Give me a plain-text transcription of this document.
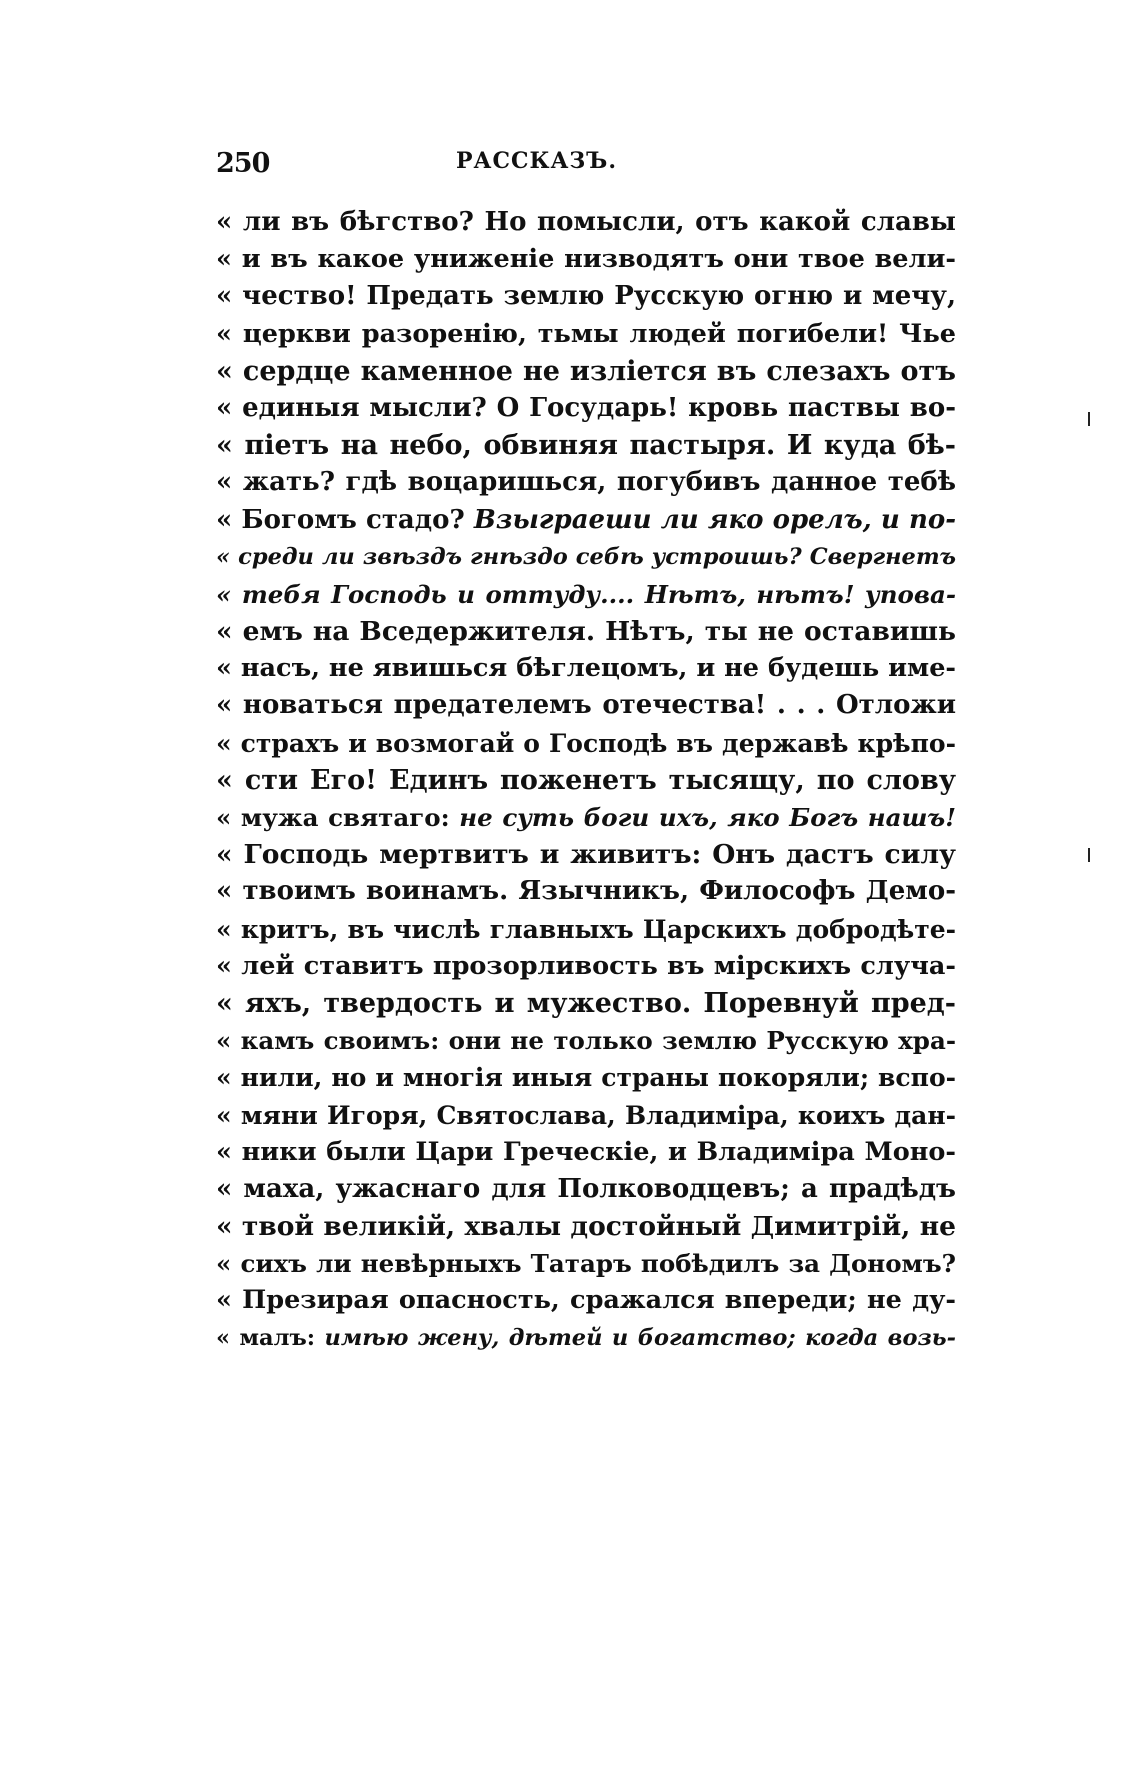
250	РАССКАЗЪ.
« ли въ бѣгство? Но помысли, отъ какой славы
« и въ какое униженіе низводятъ они твое вели-
« чество! Предать землю Русскую огню и мечу,
« церкви разоренію, тьмы людей погибели! Чье
« сердце каменное не изліется въ слезахъ отъ
« единыя мысли? О Государь! кровь паствы во-
« піетъ на небо, обвиняя пастыря. И куда бѣ-
« жать? гдѣ воцаришься, погубивъ данное тебѣ
« Богомъ стадо? Взыграеши ли яко орелъ, и по-
« среди ли звѣздъ гнѣздо себѣ устроишь? Свергнетъ
« тебя Господь и оттуду.... Нѣтъ, нѣтъ! упова-
« емъ на Вседержителя. Нѣтъ, ты не оставишь
« насъ, не явишься бѣглецомъ, и не будешь име-
« новаться предателемъ отечества! . . . Отложи
« страхъ и возмогай о Господѣ въ державѣ крѣпо-
« сти Его! Единъ поженетъ тысящу, по слову
« мужа святаго: не суть боги ихъ, яко Богъ нашъ!
« Господь мертвитъ и живитъ: Онъ дастъ силу
« твоимъ воинамъ. Язычникъ, Философъ Демо-
« критъ, въ числѣ главныхъ Царскихъ добродѣте-
« лей ставитъ прозорливость въ мірскихъ случа-
« яхъ, твердость и мужество. Поревнуй пред-
« камъ своимъ: они не только землю Русскую хра-
« нили, но и многія иныя страны покоряли; вспо-
« мяни Игоря, Святослава, Владиміра, коихъ дан-
« ники были Цари Греческіе, и Владиміра Моно-
« маха, ужаснаго для Полководцевъ; а прадѣдъ
« твой великій, хвалы достойный Димитрій, не
« сихъ ли невѣрныхъ Татаръ побѣдилъ за Дономъ?
« Презирая опасность, сражался впереди; не ду-
« малъ: имѣю жену, дѣтей и богатство; когда возь-
